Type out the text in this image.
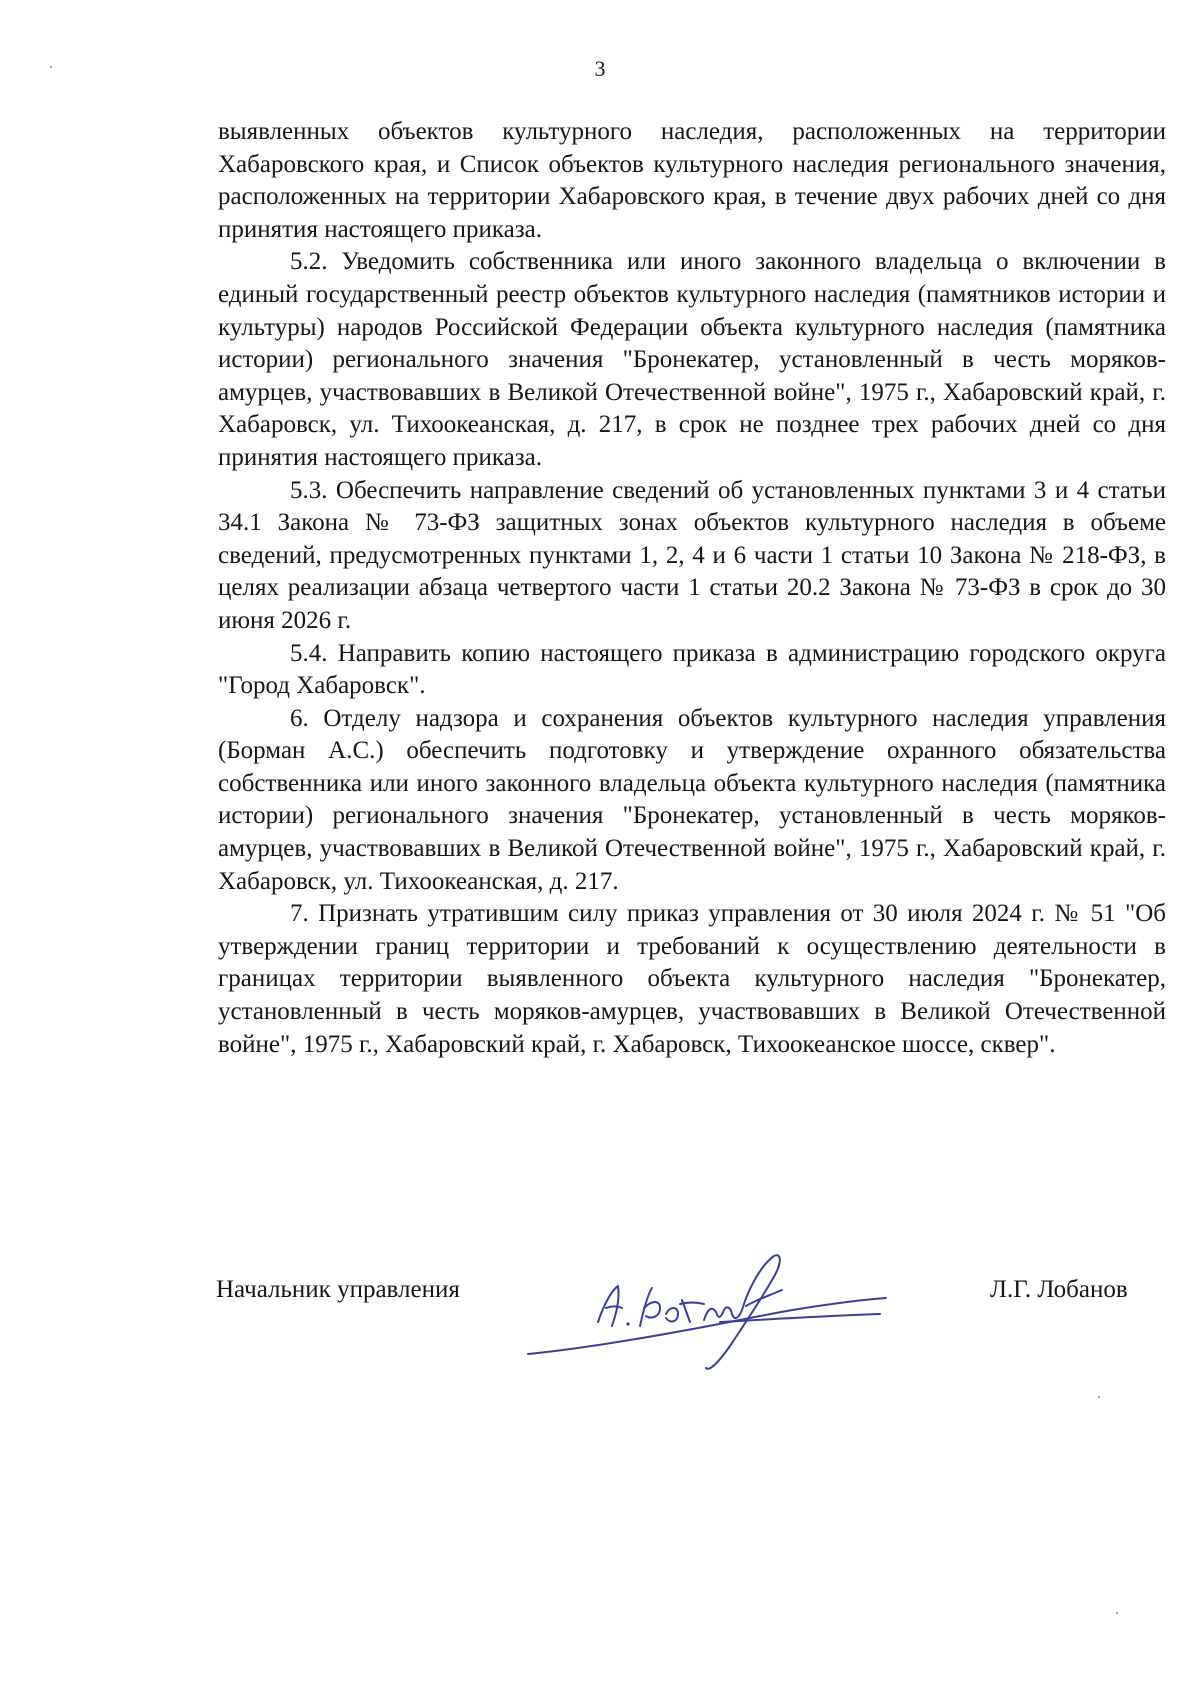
3

выявленных объектов культурного наследия, расположенных на территории Хабаровского края, и Список объектов культурного наследия регионального значения, расположенных на территории Хабаровского края, в течение двух рабочих дней со дня принятия настоящего приказа.

5.2. Уведомить собственника или иного законного владельца о включении в единый государственный реестр объектов культурного наследия (памятников истории и культуры) народов Российской Федерации объекта культурного наследия (памятника истории) регионального значения "Бронекатер, установленный в честь моряков-амурцев, участвовавших в Великой Отечественной войне", 1975 г., Хабаровский край, г. Хабаровск, ул. Тихоокеанская, д. 217, в срок не позднее трех рабочих дней со дня принятия настоящего приказа.

5.3. Обеспечить направление сведений об установленных пунктами 3 и 4 статьи 34.1 Закона № 73-ФЗ защитных зонах объектов культурного наследия в объеме сведений, предусмотренных пунктами 1, 2, 4 и 6 части 1 статьи 10 Закона № 218-ФЗ, в целях реализации абзаца четвертого части 1 статьи 20.2 Закона № 73-ФЗ в срок до 30 июня 2026 г.

5.4. Направить копию настоящего приказа в администрацию городского округа "Город Хабаровск".

6. Отделу надзора и сохранения объектов культурного наследия управления (Борман А.С.) обеспечить подготовку и утверждение охранного обязательства собственника или иного законного владельца объекта культурного наследия (памятника истории) регионального значения "Бронекатер, установленный в честь моряков-амурцев, участвовавших в Великой Отечественной войне", 1975 г., Хабаровский край, г. Хабаровск, ул. Тихоокеанская, д. 217.

7. Признать утратившим силу приказ управления от 30 июля 2024 г. № 51 "Об утверждении границ территории и требований к осуществлению деятельности в границах территории выявленного объекта культурного наследия "Бронекатер, установленный в честь моряков-амурцев, участвовавших в Великой Отечественной войне", 1975 г., Хабаровский край, г. Хабаровск, Тихоокеанское шоссе, сквер".

Начальник управления	Л.Г. Лобанов
